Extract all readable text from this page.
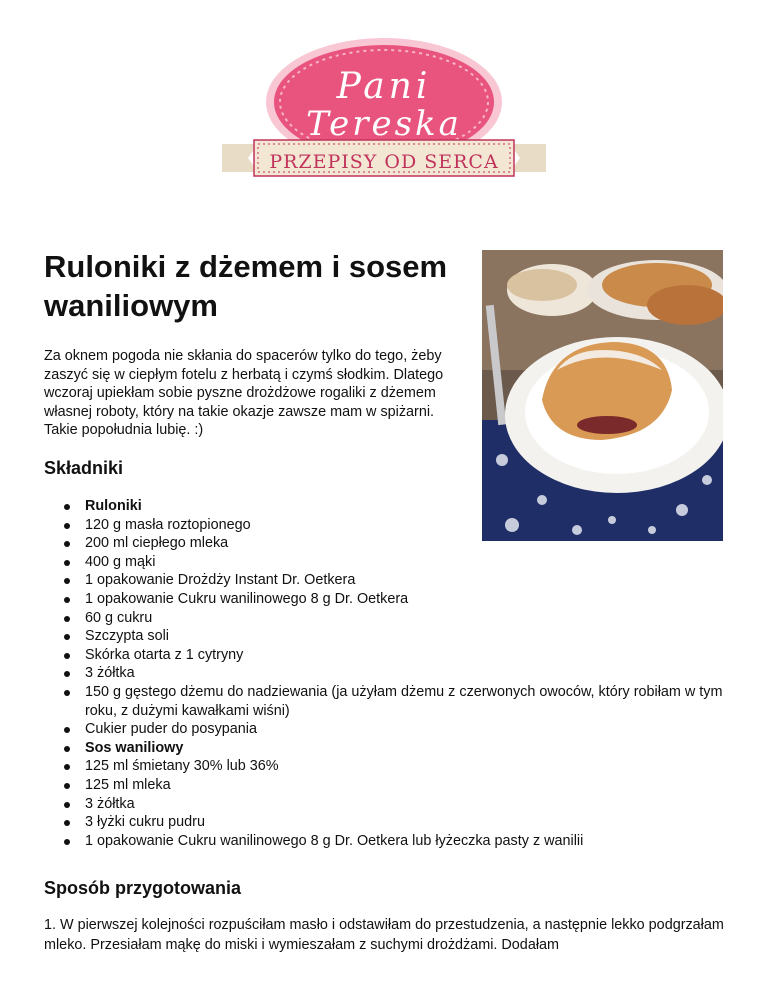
Pani
Tereska
PRZEPISY OD SERCA
Ruloniki z dżemem i sosem waniliowym

Za oknem pogoda nie skłania do spacerów tylko do tego, żeby zaszyć się w ciepłym fotelu z herbatą i czymś słodkim. Dlatego wczoraj upiekłam sobie pyszne drożdżowe rogaliki z dżemem własnej roboty, który na takie okazje zawsze mam w spiżarni. Takie popołudnia lubię. :)

Składniki
Ruloniki
120 g masła roztopionego
200 ml ciepłego mleka
400 g mąki
1 opakowanie Drożdży Instant Dr. Oetkera
1 opakowanie Cukru wanilinowego 8 g Dr. Oetkera
60 g cukru
Szczypta soli
Skórka otarta z 1 cytryny
3 żółtka
150 g gęstego dżemu do nadziewania (ja użyłam dżemu z czerwonych owoców, który robiłam w tym roku, z dużymi kawałkami wiśni)
Cukier puder do posypania
Sos waniliowy
125 ml śmietany 30% lub 36%
125 ml mleka
3 żółtka
3 łyżki cukru pudru
1 opakowanie Cukru wanilinowego 8 g Dr. Oetkera lub łyżeczka pasty z wanilii
Sposób przygotowania

1. W pierwszej kolejności rozpuściłam masło i odstawiłam do przestudzenia, a następnie lekko podgrzałam mleko. Przesiałam mąkę do miski i wymieszałam z suchymi drożdżami. Dodałam
